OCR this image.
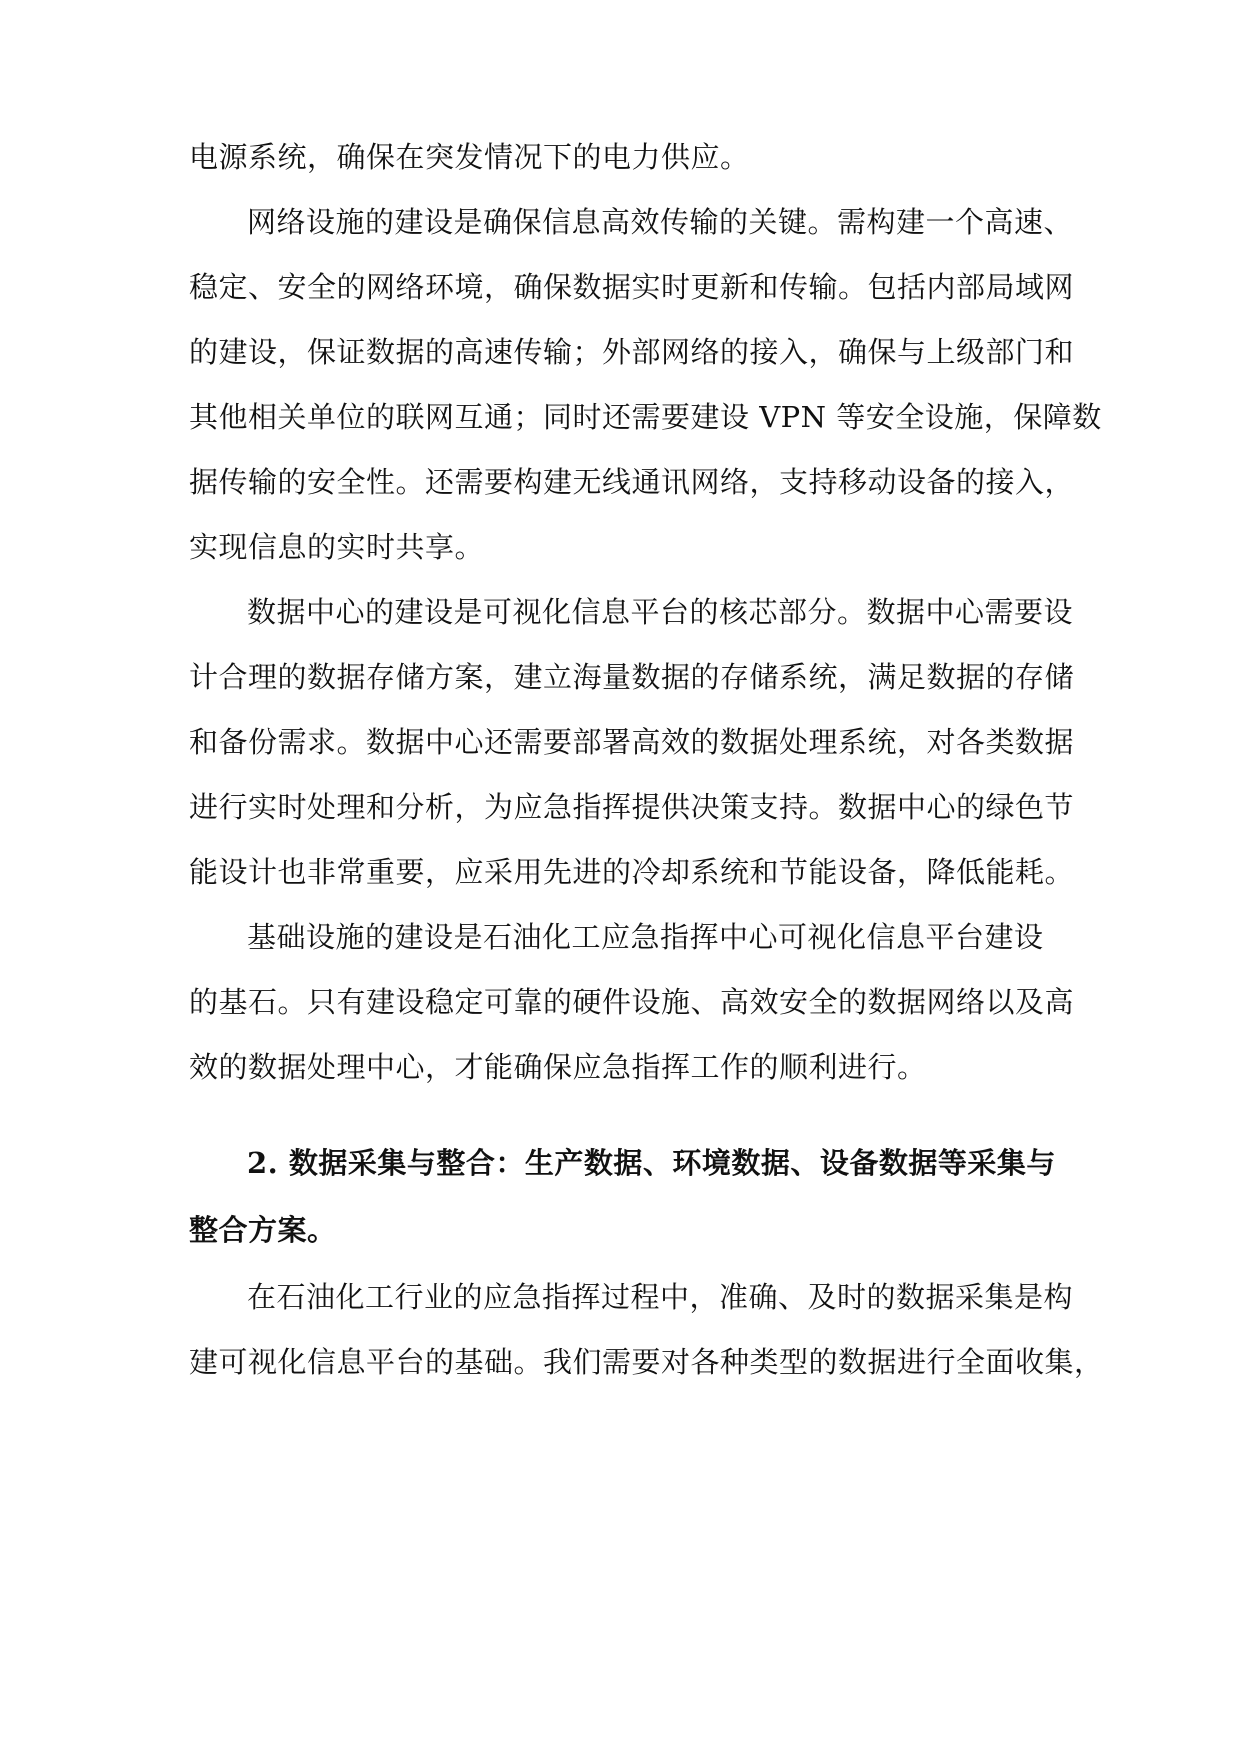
电源系统，确保在突发情况下的电力供应。
网络设施的建设是确保信息高效传输的关键。需构建一个高速、
稳定、安全的网络环境，确保数据实时更新和传输。包括内部局域网
的建设，保证数据的高速传输；外部网络的接入，确保与上级部门和
其他相关单位的联网互通；同时还需要建设 VPN 等安全设施，保障数
据传输的安全性。还需要构建无线通讯网络，支持移动设备的接入，
实现信息的实时共享。
数据中心的建设是可视化信息平台的核芯部分。数据中心需要设
计合理的数据存储方案，建立海量数据的存储系统，满足数据的存储
和备份需求。数据中心还需要部署高效的数据处理系统，对各类数据
进行实时处理和分析，为应急指挥提供决策支持。数据中心的绿色节
能设计也非常重要，应采用先进的冷却系统和节能设备，降低能耗。
基础设施的建设是石油化工应急指挥中心可视化信息平台建设
的基石。只有建设稳定可靠的硬件设施、高效安全的数据网络以及高
效的数据处理中心，才能确保应急指挥工作的顺利进行。
2. 数据采集与整合：生产数据、环境数据、设备数据等采集与
整合方案。
在石油化工行业的应急指挥过程中，准确、及时的数据采集是构
建可视化信息平台的基础。我们需要对各种类型的数据进行全面收集，
